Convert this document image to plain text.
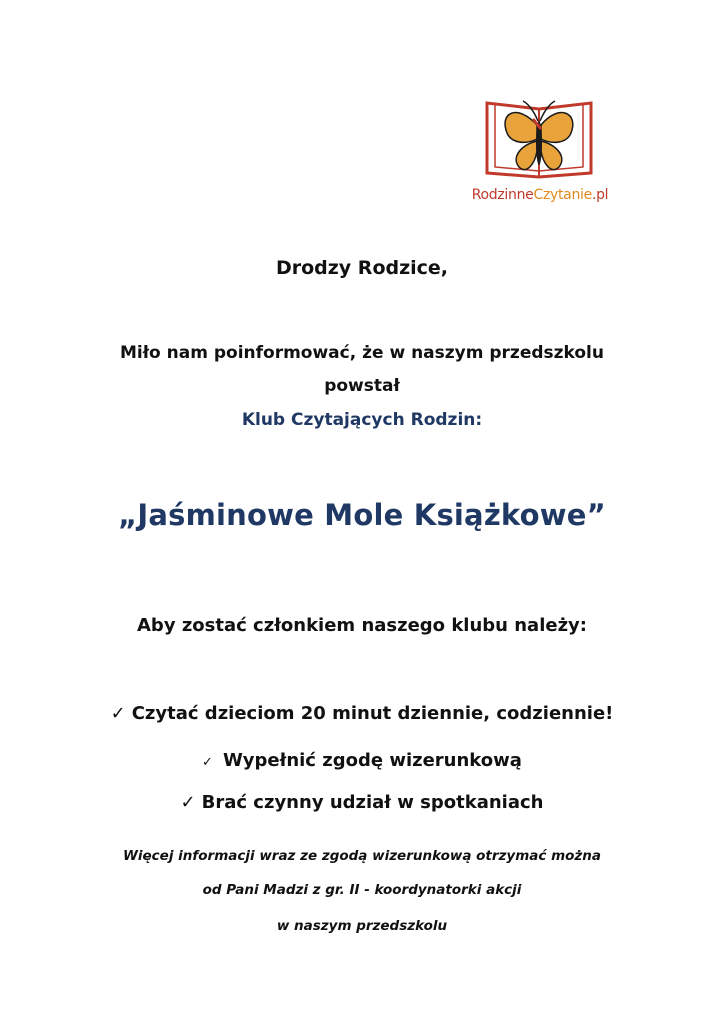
RodzinneCzytanie.pl
Drodzy Rodzice,
Miło nam poinformować, że w naszym przedszkolu
powstał
Klub Czytających Rodzin:
„Jaśminowe Mole Książkowe”
Aby zostać członkiem naszego klubu należy:
✓ Czytać dzieciom 20 minut dziennie, codziennie!
✓ Wypełnić zgodę wizerunkową
✓ Brać czynny udział w spotkaniach
Więcej informacji wraz ze zgodą wizerunkową otrzymać można
od Pani Madzi z gr. II - koordynatorki akcji
w naszym przedszkolu
